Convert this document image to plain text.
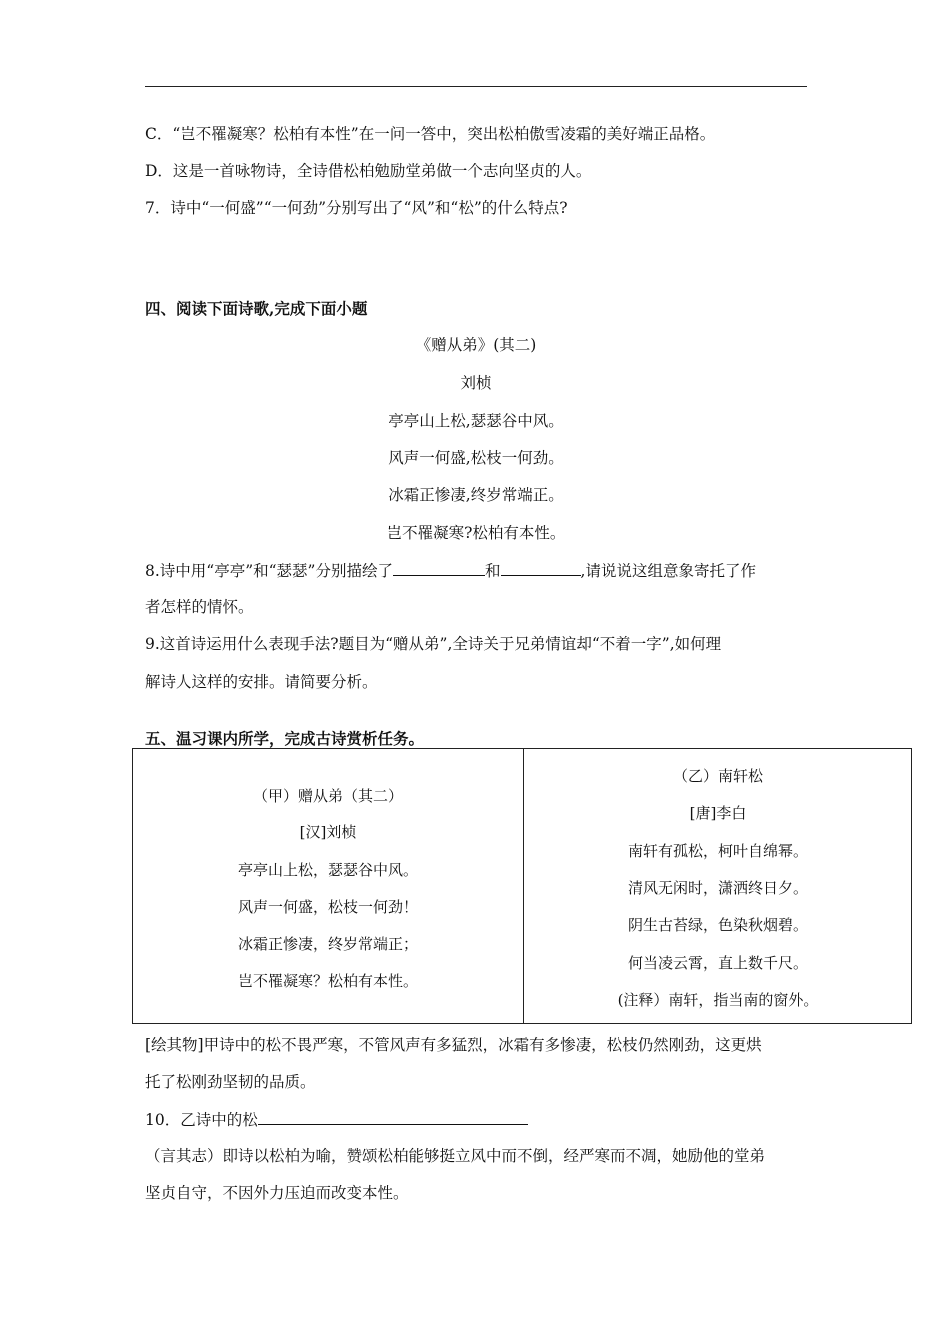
C．“岂不罹凝寒？松柏有本性”在一问一答中，突出松柏傲雪凌霜的美好端正品格。
D．这是一首咏物诗，全诗借松柏勉励堂弟做一个志向坚贞的人。
7．诗中“一何盛”“一何劲”分别写出了“风”和“松”的什么特点?
四、阅读下面诗歌,完成下面小题
《赠从弟》(其二)
刘桢
亭亭山上松,瑟瑟谷中风。
风声一何盛,松枝一何劲。
冰霜正惨凄,终岁常端正。
岂不罹凝寒?松柏有本性。
8.诗中用“亭亭”和“瑟瑟”分别描绘了	和	,请说说这组意象寄托了作
者怎样的情怀。
9.这首诗运用什么表现手法?题目为“赠从弟”,全诗关于兄弟情谊却“不着一字”,如何理
解诗人这样的安排。请简要分析。
五、温习课内所学，完成古诗赏析任务。
（甲）赠从弟（其二）
[汉]刘桢
亭亭山上松，瑟瑟谷中风。
风声一何盛，松枝一何劲！
冰霜正惨凄，终岁常端正；
岂不罹凝寒？松柏有本性。
（乙）南轩松
[唐]李白
南轩有孤松，柯叶自绵幂。
清风无闲时，潇洒终日夕。
阴生古苔绿，色染秋烟碧。
何当凌云霄，直上数千尺。
(注释）南轩，指当南的窗外。
[绘其物]甲诗中的松不畏严寒，不管风声有多猛烈，冰霜有多惨凄，松枝仍然刚劲，这更烘
托了松刚劲坚韧的品质。
10．乙诗中的松
（言其志）即诗以松柏为喻，赞颂松柏能够挺立风中而不倒，经严寒而不凋，她励他的堂弟
坚贞自守，不因外力压迫而改变本性。
